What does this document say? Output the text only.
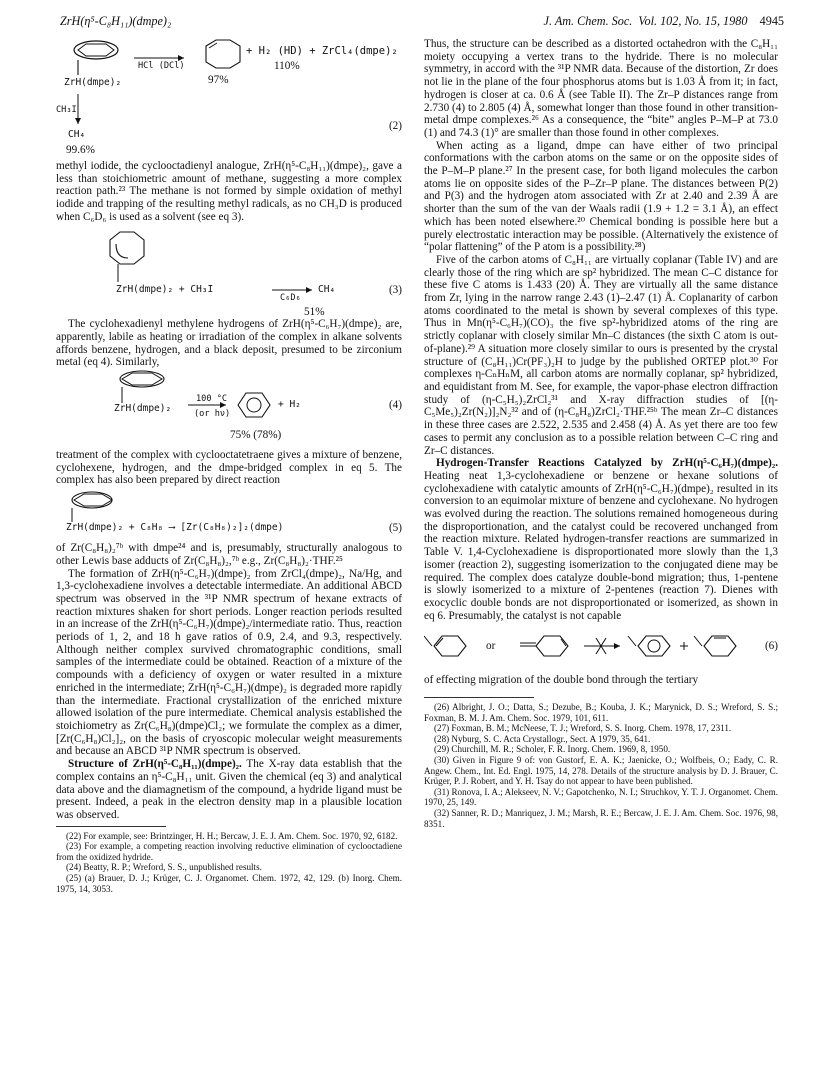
ZrH(η⁵-C₈H₁₁)(dmpe)₂	J. Am. Chem. Soc. Vol. 102, No. 15, 1980 4945
HCl (DCl)
+ H₂ (HD) + ZrCl₄(dmpe)₂
110%
97%
ZrH(dmpe)₂
CH₃I
CH₄
99.6%
(2)

methyl iodide, the cyclooctadienyl analogue, ZrH(η⁵-C₈H₁₁)(dmpe)₂, gave a less than stoichiometric amount of methane, suggesting a more complex reaction path.²³ The methane is not formed by simple oxidation of methyl iodide and trapping of the resulting methyl radicals, as no CH₃D is produced when C₆D₆ is used as a solvent (see eq 3).

ZrH(dmpe)₂ + CH₃I
C₆D₆
CH₄	(3)
51%

The cyclohexadienyl methylene hydrogens of ZrH(η⁵-C₆H₇)(dmpe)₂ are, apparently, labile as heating or irradiation of the complex in alkane solvents affords benzene, hydrogen, and a black deposit, presumed to be zirconium metal (eq 4). Similarly,

ZrH(dmpe)₂
100 °C
(or hν)
+ H₂	(4)
75% (78%)

treatment of the complex with cyclooctatetraene gives a mixture of benzene, cyclohexene, hydrogen, and the dmpe-bridged complex in eq 5. The complex has also been prepared by direct reaction

ZrH(dmpe)₂ + C₈H₈ ⟶ [Zr(C₈H₈)₂]₂(dmpe)	(5)

of Zr(C₈H₈)₂⁷ᵇ with dmpe²⁴ and is, presumably, structurally analogous to other Lewis base adducts of Zr(C₈H₈)₂,⁷ᵇ e.g., Zr(C₈H₈)₂·THF.²⁵

The formation of ZrH(η⁵-C₆H₇)(dmpe)₂ from ZrCl₄(dmpe)₂, Na/Hg, and 1,3-cyclohexadiene involves a detectable intermediate. An additional ABCD spectrum was observed in the ³¹P NMR spectrum of hexane extracts of reaction mixtures shaken for short periods. Longer reaction periods resulted in an increase of the ZrH(η⁵-C₆H₇)(dmpe)₂/intermediate ratio. Thus, reaction periods of 1, 2, and 18 h gave ratios of 0.9, 2.4, and 9.3, respectively. Although neither complex survived chromatographic conditions, small samples of the intermediate could be obtained. Reaction of a mixture of the compounds with a deficiency of oxygen or water resulted in a mixture enriched in the intermediate; ZrH(η⁵-C₆H₇)(dmpe)₂ is degraded more rapidly than the intermediate. Fractional crystallization of the enriched mixture allowed isolation of the pure intermediate. Chemical analysis established the stoichiometry as Zr(C₆H₈)(dmpe)Cl₂; we formulate the complex as a dimer, [Zr(C₆H₈)Cl₂]₂, on the basis of cryoscopic molecular weight measurements and because an ABCD ³¹P NMR spectrum is observed.

Structure of ZrH(η⁵-C₈H₁₁)(dmpe)₂. The X-ray data establish that the complex contains an η⁵-C₈H₁₁ unit. Given the chemical (eq 3) and analytical data above and the diamagnetism of the compound, a hydride ligand must be present. Indeed, a peak in the electron density map in a plausible location was observed.

(22) For example, see: Brintzinger, H. H.; Bercaw, J. E. J. Am. Chem. Soc. 1970, 92, 6182.

(23) For example, a competing reaction involving reductive elimination of cyclooctadiene from the oxidized hydride.

(24) Beatty, R. P.; Wreford, S. S., unpublished results.

(25) (a) Brauer, D. J.; Krüger, C. J. Organomet. Chem. 1972, 42, 129. (b) Inorg. Chem. 1975, 14, 3053.

Thus, the structure can be described as a distorted octahedron with the C₈H₁₁ moiety occupying a vertex trans to the hydride. There is no molecular symmetry, in accord with the ³¹P NMR data. Because of the distortion, Zr does not lie in the plane of the four phosphorus atoms but is 1.03 Å from it; in fact, hydrogen is closer at ca. 0.6 Å (see Table II). The Zr–P distances range from 2.730 (4) to 2.805 (4) Å, somewhat longer than those found in other transition-metal dmpe complexes.²⁶ As a consequence, the “bite” angles P–M–P at 73.0 (1) and 74.3 (1)° are smaller than those found in other complexes.

When acting as a ligand, dmpe can have either of two principal conformations with the carbon atoms on the same or on the opposite sides of the P–M–P plane.²⁷ In the present case, for both ligand molecules the carbon atoms lie on opposite sides of the P–Zr–P plane. The distances between P(2) and P(3) and the hydrogen atom associated with Zr at 2.40 and 2.39 Å are shorter than the sum of the van der Waals radii (1.9 + 1.2 = 3.1 Å), an effect which has been noted elsewhere.²⁰ Chemical bonding is possible here but a purely electrostatic interaction may be possible. (Alternatively the existence of “polar flattening” of the P atom is a possibility.²⁸)

Five of the carbon atoms of C₈H₁₁ are virtually coplanar (Table IV) and are clearly those of the ring which are sp² hybridized. The mean C–C distance for these five C atoms is 1.433 (20) Å. They are virtually all the same distance from Zr, lying in the narrow range 2.43 (1)–2.47 (1) Å. Coplanarity of carbon atoms coordinated to the metal is shown by several complexes of this type. Thus in Mn(η⁵-C₆H₇)(CO)₃ the five sp²-hybridized atoms of the ring are strictly coplanar with closely similar Mn–C distances (the sixth C atom is out-of-plane).²⁹ A situation more closely similar to ours is presented by the crystal structure of (C₈H₁₁)Cr(PF₃)₂H to judge by the published ORTEP plot.³⁰ For complexes η-CₙHₙM, all carbon atoms are normally coplanar, sp² hybridized, and equidistant from M. See, for example, the vapor-phase electron diffraction study of (η-C₅H₅)₂ZrCl₂³¹ and X-ray diffraction studies of [(η-C₅Me₅)₂Zr(N₂)]₂N₂³² and of (η-C₈H₈)ZrCl₂·THF.²⁵ᵇ The mean Zr–C distances in these three cases are 2.522, 2.535 and 2.458 (4) Å. As yet there are too few cases to permit any conclusion as to a possible relation between C–C ring and Zr–C distances.

Hydrogen-Transfer Reactions Catalyzed by ZrH(η⁵-C₆H₇)(dmpe)₂. Heating neat 1,3-cyclohexadiene or benzene or hexane solutions of cyclohexadiene with catalytic amounts of ZrH(η⁵-C₆H₇)(dmpe)₂ resulted in its conversion to an equimolar mixture of benzene and cyclohexane. No hydrogen was evolved during the reaction. The solutions remained homogeneous during the disproportionation, and the catalyst could be recovered unchanged from the reaction mixture. Related hydrogen-transfer reactions are summarized in Table V. 1,4-Cyclohexadiene is disproportionated more slowly than the 1,3 isomer (reaction 2), suggesting isomerization to the conjugated diene may be required. The complex does catalyze double-bond migration; thus, 1-pentene is slowly isomerized to a mixture of 2-pentenes (reaction 7). Dienes with exocyclic double bonds are not disproportionated or isomerized, as shown in eq 6. Presumably, the catalyst is not capable

or	(6)

of effecting migration of the double bond through the tertiary

(26) Albright, J. O.; Datta, S.; Dezube, B.; Kouba, J. K.; Marynick, D. S.; Wreford, S. S.; Foxman, B. M. J. Am. Chem. Soc. 1979, 101, 611.

(27) Foxman, B. M.; McNeese, T. J.; Wreford, S. S. Inorg. Chem. 1978, 17, 2311.

(28) Nyburg, S. C. Acta Crystallogr., Sect. A 1979, 35, 641.

(29) Churchill, M. R.; Scholer, F. R. Inorg. Chem. 1969, 8, 1950.

(30) Given in Figure 9 of: von Gustorf, E. A. K.; Jaenicke, O.; Wolfbeis, O.; Eady, C. R. Angew. Chem., Int. Ed. Engl. 1975, 14, 278. Details of the structure analysis by D. J. Brauer, C. Krüger, P. J. Robert, and Y. H. Tsay do not appear to have been published.

(31) Ronova, I. A.; Alekseev, N. V.; Gapotchenko, N. I.; Struchkov, Y. T. J. Organomet. Chem. 1970, 25, 149.

(32) Sanner, R. D.; Manriquez, J. M.; Marsh, R. E.; Bercaw, J. E. J. Am. Chem. Soc. 1976, 98, 8351.
